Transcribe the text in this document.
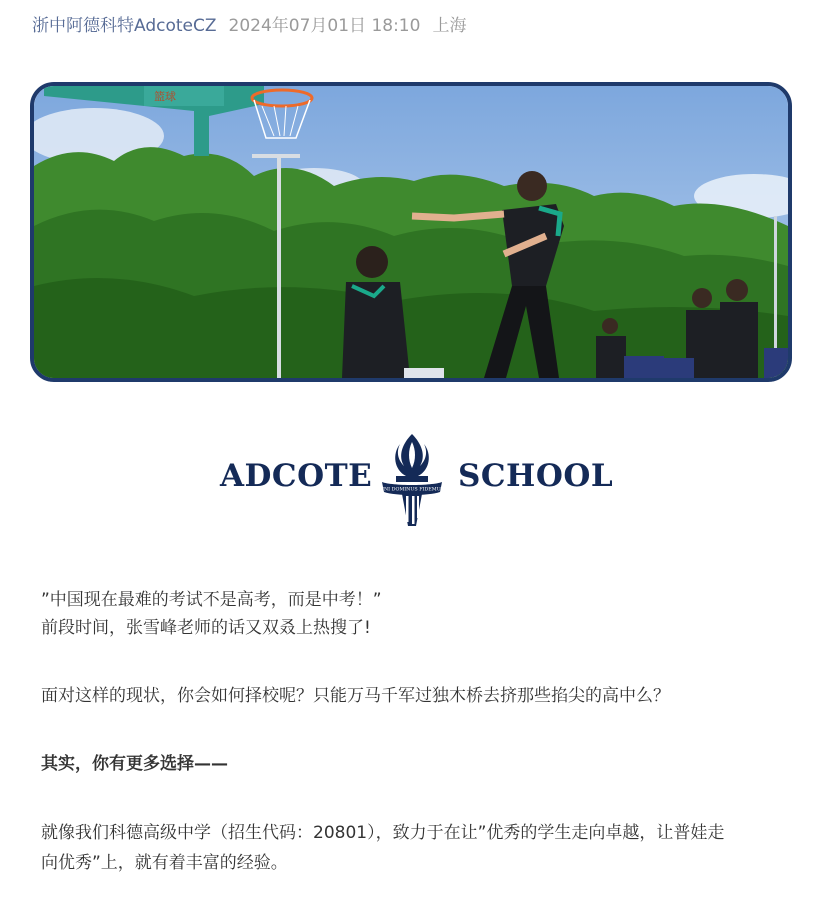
浙中阿德科特AdcoteCZ 2024年07月01日 18:10 上海
篮球
ADCOTE UNI DOMINUS FIDEMUS SCHOOL

”中国现在最难的考试不是高考，而是中考！”

前段时间，张雪峰老师的话又双叒上热搜了!

面对这样的现状，你会如何择校呢？只能万马千军过独木桥去挤那些掐尖的高中么？

其实，你有更多选择——

就像我们科德高级中学（招生代码：20801），致力于在让”优秀的学生走向卓越，让普娃走

向优秀”上，就有着丰富的经验。
